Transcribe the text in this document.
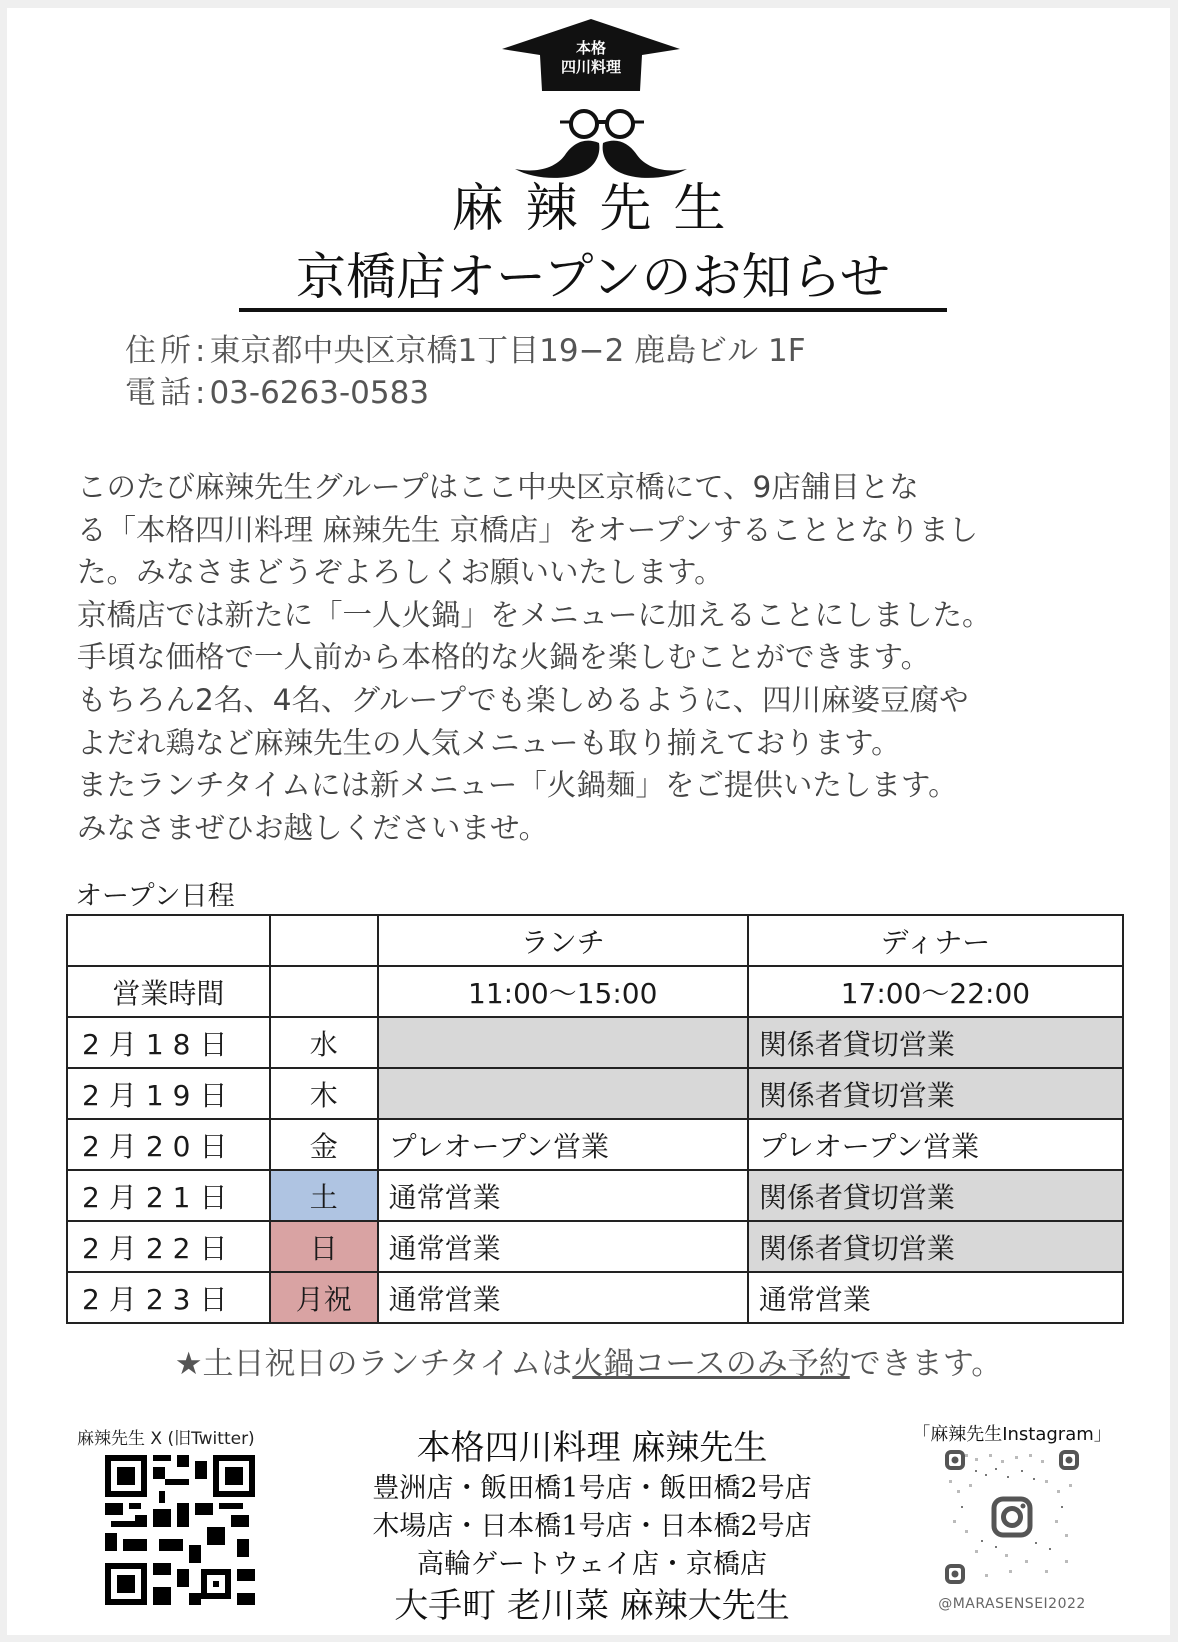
本格
四川料理
麻辣先生
京橋店オープンのお知らせ
住所: 東京都中央区京橋1丁目19−2 鹿島ビル 1F
電話: 03-6263-0583
このたび麻辣先生グループはここ中央区京橋にて、9店舗目とな
る「本格四川料理 麻辣先生 京橋店」をオープンすることとなりまし
た。みなさまどうぞよろしくお願いいたします。
京橋店では新たに「一人火鍋」をメニューに加えることにしました。
手頃な価格で一人前から本格的な火鍋を楽しむことができます。
もちろん2名、4名、グループでも楽しめるように、四川麻婆豆腐や
よだれ鶏など麻辣先生の人気メニューも取り揃えております。
またランチタイムには新メニュー「火鍋麺」をご提供いたします。
みなさまぜひお越しくださいませ。
オープン日程
		ランチ	ディナー
営業時間		11:00〜15:00	17:00〜22:00
2月18日	水		関係者貸切営業
2月19日	木		関係者貸切営業
2月20日	金	プレオープン営業	プレオープン営業
2月21日	土	通常営業	関係者貸切営業
2月22日	日	通常営業	関係者貸切営業
2月23日	月祝	通常営業	通常営業
★土日祝日のランチタイムは火鍋コースのみ予約できます。
麻辣先生 X (旧Twitter)	本格四川料理 麻辣先生
豊洲店・飯田橋1号店・飯田橋2号店
木場店・日本橋1号店・日本橋2号店
高輪ゲートウェイ店・京橋店
大手町 老川菜 麻辣大先生
「麻辣先生Instagram」
@MARASENSEI2022
